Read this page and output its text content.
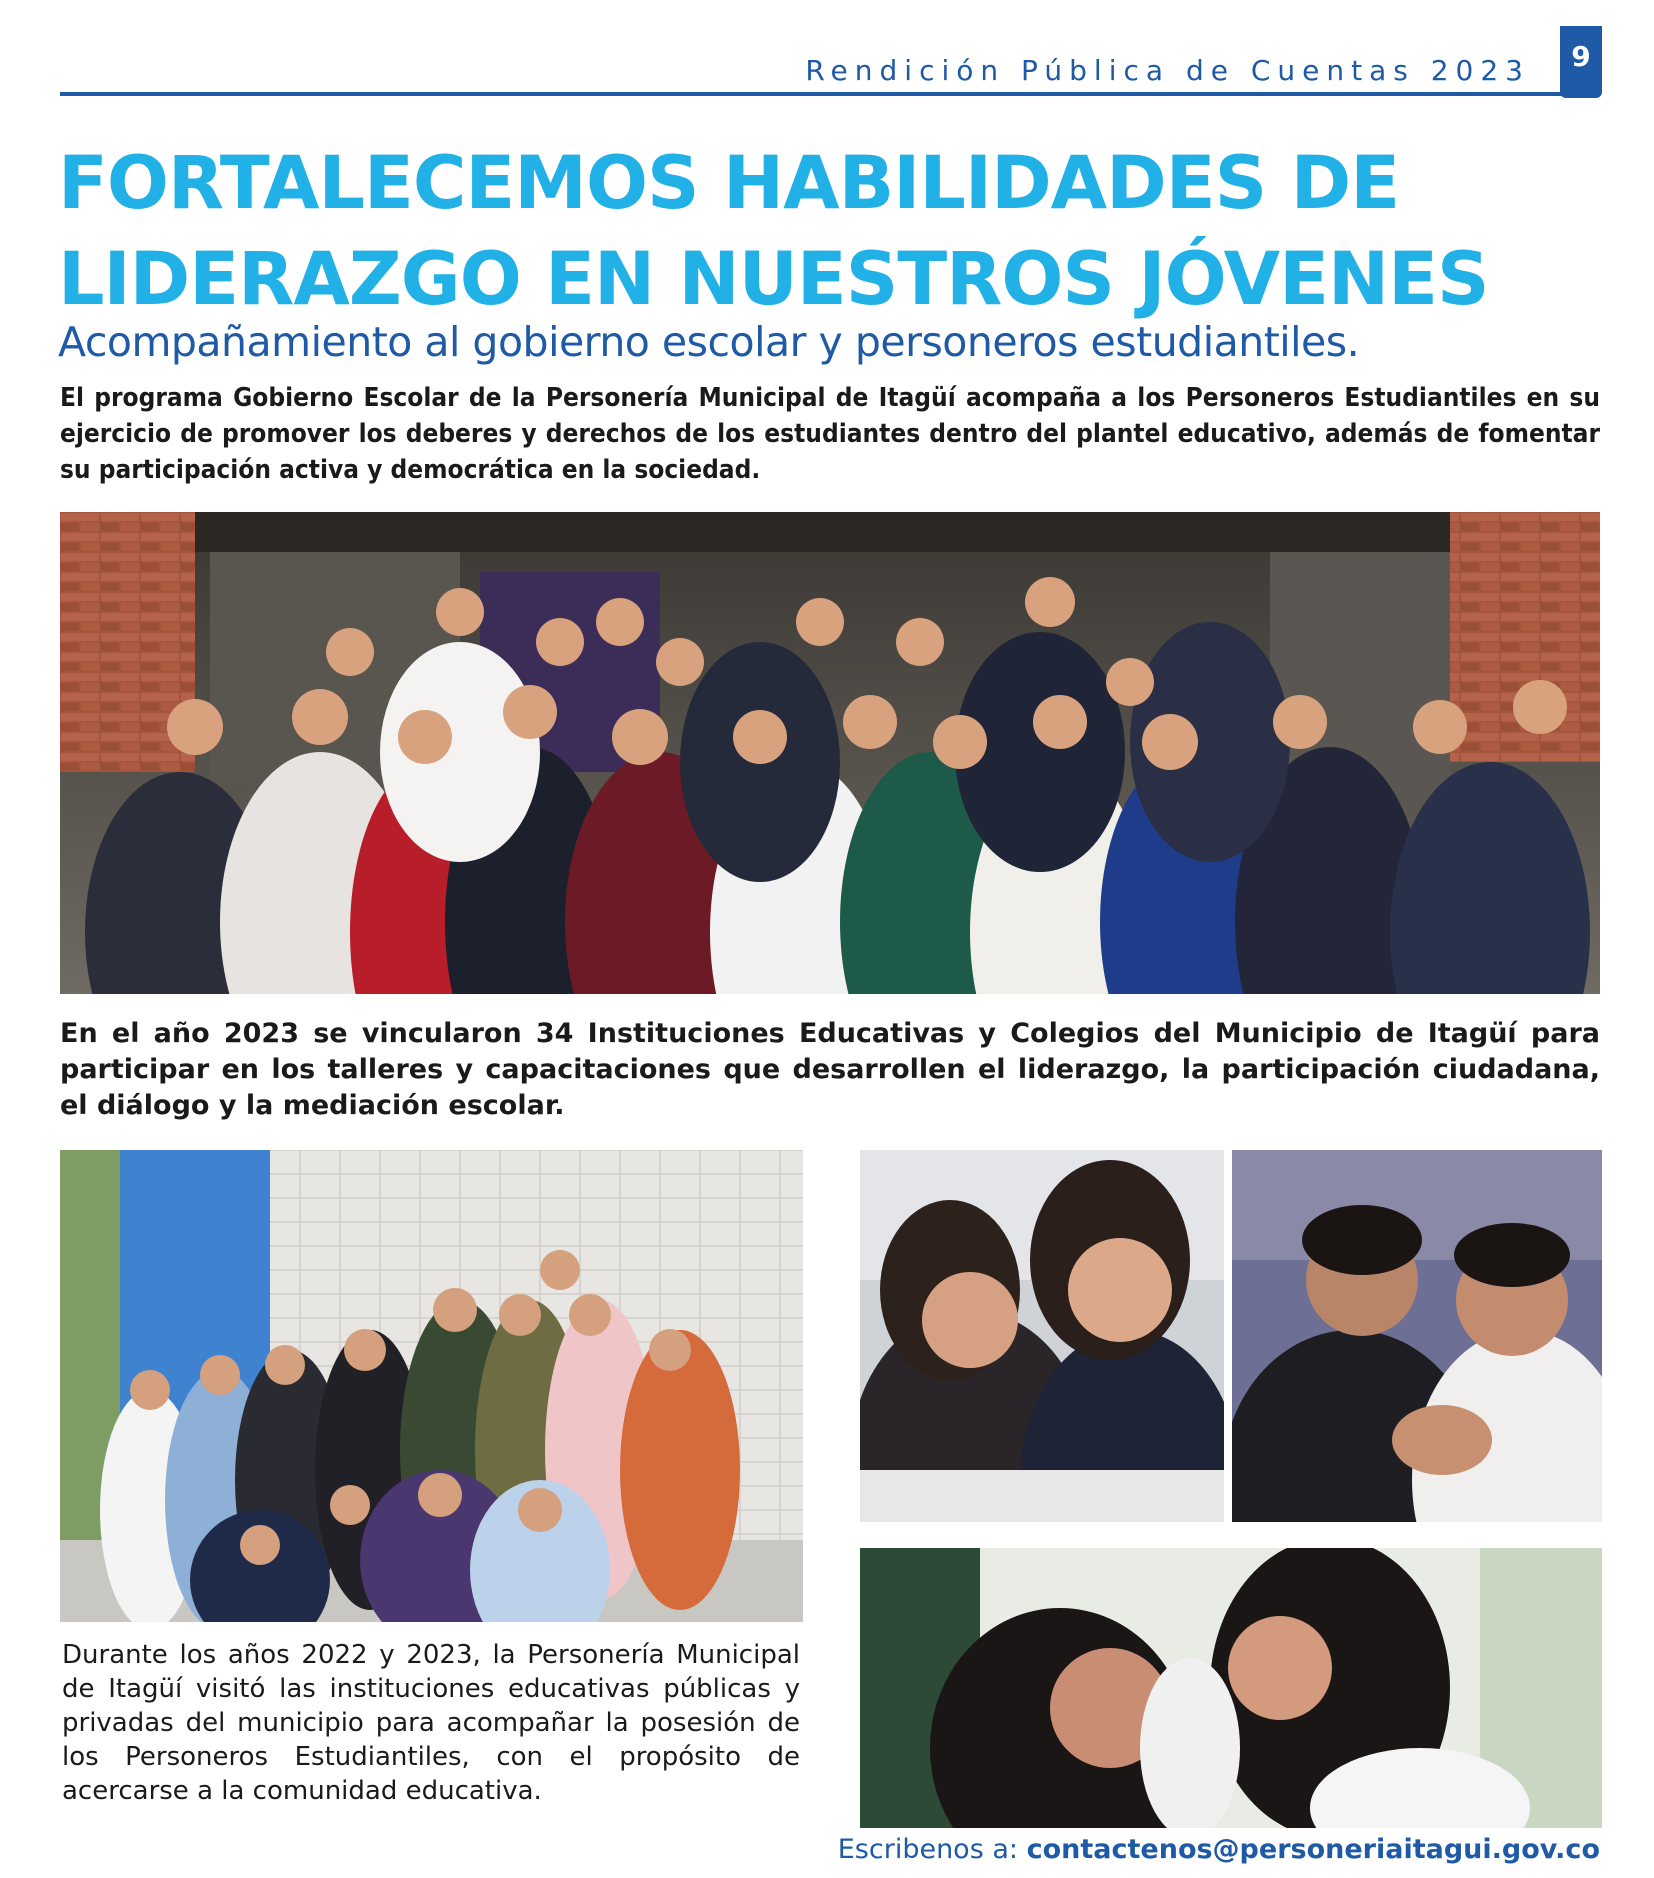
Rendición Pública de Cuentas 2023	9
FORTALECEMOS HABILIDADES DE
LIDERAZGO EN NUESTROS JÓVENES
Acompañamiento al gobierno escolar y personeros estudiantiles.
El programa Gobierno Escolar de la Personería Municipal de Itagüí acompaña a los Personeros Estudiantiles en su ejercicio de promover los deberes y derechos de los estudiantes dentro del plantel educativo, además de fomentar su participación activa y democrática en la sociedad.
En el año 2023 se vincularon 34 Instituciones Educativas y Colegios del Municipio de Itagüí para participar en los talleres y capacitaciones que desarrollen el liderazgo, la participación ciudadana, el diálogo y la mediación escolar.
Durante los años 2022 y 2023, la Personería Municipal de Itagüí visitó las instituciones educativas públicas y privadas del municipio para acompañar la posesión de los Personeros Estudiantiles, con el propósito de acercarse a la comunidad educativa.
Escribenos a: contactenos@personeriaitagui.gov.co
